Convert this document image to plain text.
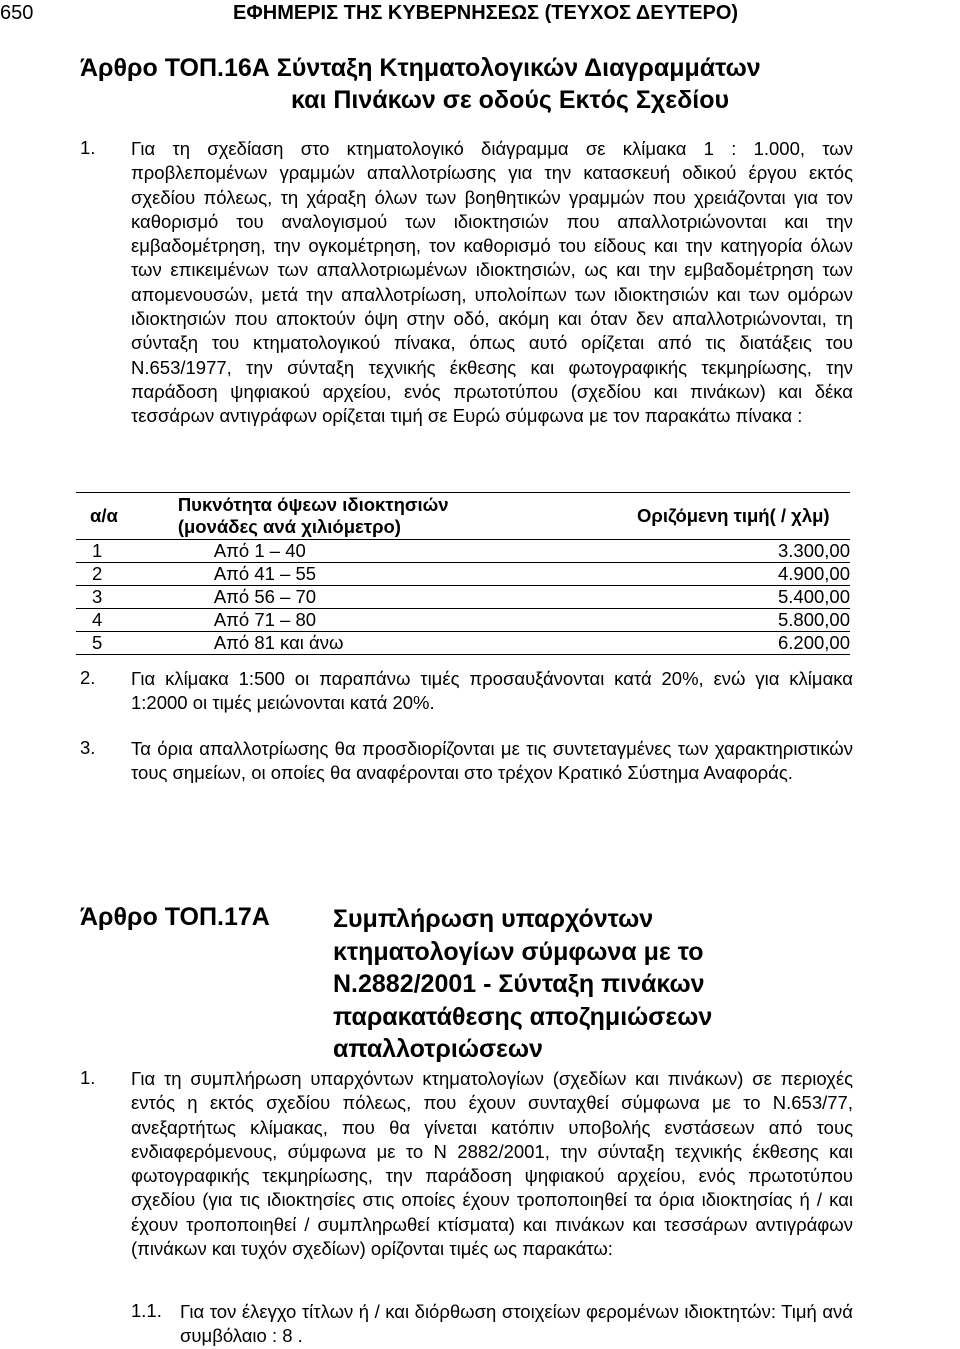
650	ΕΦΗΜΕΡΙΣ ΤΗΣ ΚΥΒΕΡΝΗΣΕΩΣ (ΤΕΥΧΟΣ ΔΕΥΤΕΡΟ)
Άρθρο ΤΟΠ.16Α Σύνταξη Κτηματολογικών Διαγραμμάτων
και Πινάκων σε οδούς Εκτός Σχεδίου
1. Για τη σχεδίαση στο κτηματολογικό διάγραμμα σε κλίμακα 1 : 1.000, των προβλεπομένων γραμμών απαλλοτρίωσης για την κατασκευή οδικού έργου εκτός σχεδίου πόλεως, τη χάραξη όλων των βοηθητικών γραμμών που χρειάζονται για τον καθορισμό του αναλογισμού των ιδιοκτησιών που απαλλοτριώνονται και την εμβαδομέτρηση, την ογκομέτρηση, τον καθορισμό του είδους και την κατηγορία όλων των επικειμένων των απαλλοτριωμένων ιδιοκτησιών, ως και την εμβαδομέτρηση των απομενουσών, μετά την απαλλοτρίωση, υπολοίπων των ιδιοκτησιών και των ομόρων ιδιοκτησιών που αποκτούν όψη στην οδό, ακόμη και όταν δεν απαλλοτριώνονται, τη σύνταξη του κτηματολογικού πίνακα, όπως αυτό ορίζεται από τις διατάξεις του Ν.653/1977, την σύνταξη τεχνικής έκθεσης και φωτογραφικής τεκμηρίωσης, την παράδοση ψηφιακού αρχείου, ενός πρωτοτύπου (σχεδίου και πινάκων) και δέκα τεσσάρων αντιγράφων ορίζεται τιμή σε Ευρώ σύμφωνα με τον παρακάτω πίνακα :
α/α	Πυκνότητα όψεων ιδιοκτησιών
(μονάδες ανά χιλιόμετρο)	Οριζόμενη τιμή( / χλμ)
1	Από 1 – 40	3.300,00
2	Από 41 – 55	4.900,00
3	Από 56 – 70	5.400,00
4	Από 71 – 80	5.800,00
5	Από 81 και άνω	6.200,00
2. Για κλίμακα 1:500 οι παραπάνω τιμές προσαυξάνονται κατά 20%, ενώ για κλίμακα 1:2000 οι τιμές μειώνονται κατά 20%.
3. Τα όρια απαλλοτρίωσης θα προσδιορίζονται με τις συντεταγμένες των χαρακτηριστικών τους σημείων, οι οποίες θα αναφέρονται στο τρέχον Κρατικό Σύστημα Αναφοράς.
Άρθρο ΤΟΠ.17Α	Συμπλήρωση υπαρχόντων κτηματολογίων σύμφωνα με το Ν.2882/2001 - Σύνταξη πινάκων παρακατάθεσης αποζημιώσεων απαλλοτριώσεων
1. Για τη συμπλήρωση υπαρχόντων κτηματολογίων (σχεδίων και πινάκων) σε περιοχές εντός η εκτός σχεδίου πόλεως, που έχουν συνταχθεί σύμφωνα με το Ν.653/77, ανεξαρτήτως κλίμακας, που θα γίνεται κατόπιν υποβολής ενστάσεων από τους ενδιαφερόμενους, σύμφωνα με το Ν 2882/2001, την σύνταξη τεχνικής έκθεσης και φωτογραφικής τεκμηρίωσης, την παράδοση ψηφιακού αρχείου, ενός πρωτοτύπου σχεδίου (για τις ιδιοκτησίες στις οποίες έχουν τροποποιηθεί τα όρια ιδιοκτησίας ή / και έχουν τροποποιηθεί / συμπληρωθεί κτίσματα) και πινάκων και τεσσάρων αντιγράφων (πινάκων και τυχόν σχεδίων) ορίζονται τιμές ως παρακάτω:
1.1. Για τον έλεγχο τίτλων ή / και διόρθωση στοιχείων φερομένων ιδιοκτητών: Τιμή ανά συμβόλαιο : 8 .
